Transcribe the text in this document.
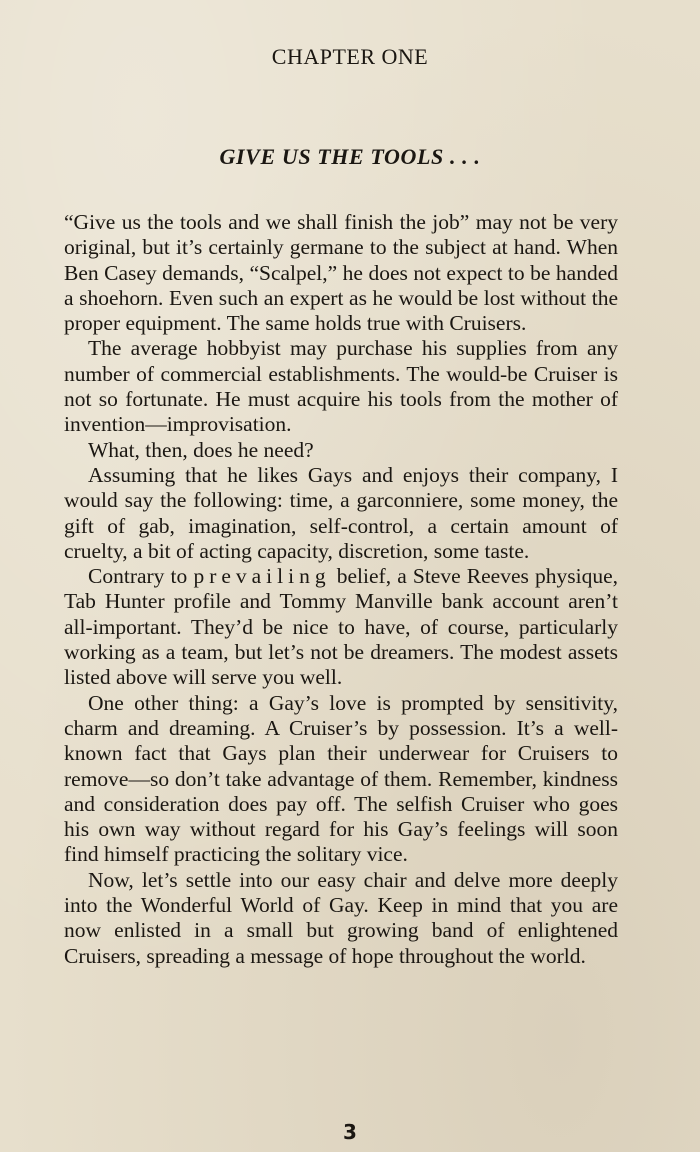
CHAPTER ONE
GIVE US THE TOOLS . . .

“Give us the tools and we shall finish the job” may not be very original, but it’s certainly germane to the subject at hand. When Ben Casey demands, “Scalpel,” he does not expect to be handed a shoehorn. Even such an expert as he would be lost without the proper equipment. The same holds true with Cruisers.

The average hobbyist may purchase his supplies from any number of commercial establishments. The would-be Cruiser is not so fortunate. He must acquire his tools from the mother of invention—improvisation.

What, then, does he need?

Assuming that he likes Gays and enjoys their company, I would say the following: time, a garconniere, some money, the gift of gab, imagination, self-control, a certain amount of cruelty, a bit of acting capacity, discretion, some taste.

Contrary to prevailing belief, a Steve Reeves physique, Tab Hunter profile and Tommy Manville bank account aren’t all-important. They’d be nice to have, of course, particularly working as a team, but let’s not be dreamers. The modest assets listed above will serve you well.

One other thing: a Gay’s love is prompted by sensitivity, charm and dreaming. A Cruiser’s by possession. It’s a well-known fact that Gays plan their underwear for Cruisers to remove—so don’t take advantage of them. Remember, kindness and consideration does pay off. The selfish Cruiser who goes his own way without regard for his Gay’s feelings will soon find himself practicing the solitary vice.

Now, let’s settle into our easy chair and delve more deeply into the Wonderful World of Gay. Keep in mind that you are now enlisted in a small but growing band of enlightened Cruisers, spreading a message of hope throughout the world.

3
